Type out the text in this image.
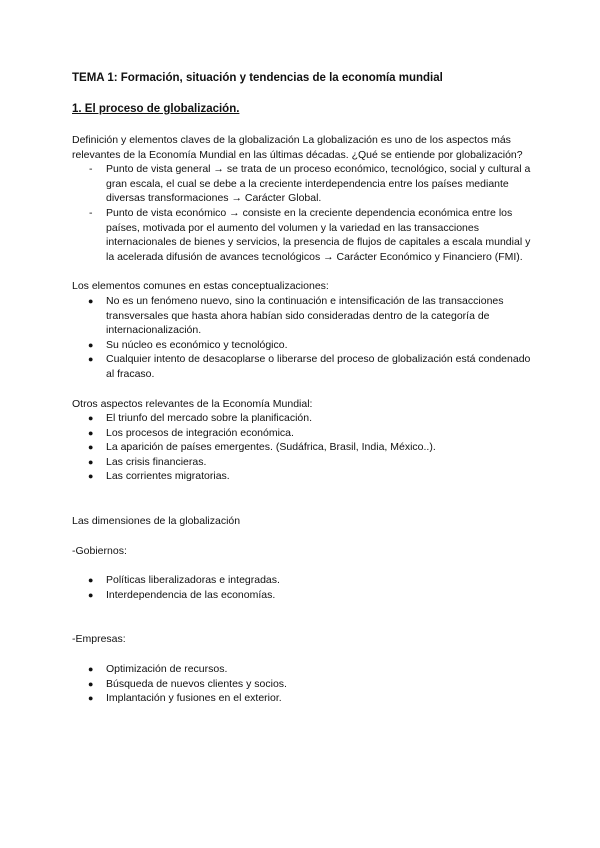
TEMA 1: Formación, situación y tendencias de la economía mundial

1. El proceso de globalización.

Definición y elementos claves de la globalización La globalización es uno de los aspectos más relevantes de la Economía Mundial en las últimas décadas. ¿Qué se entiende por globalización?

- Punto de vista general → se trata de un proceso económico, tecnológico, social y cultural a gran escala, el cual se debe a la creciente interdependencia entre los países mediante diversas transformaciones → Carácter Global.
- Punto de vista económico → consiste en la creciente dependencia económica entre los países, motivada por el aumento del volumen y la variedad en las transacciones internacionales de bienes y servicios, la presencia de flujos de capitales a escala mundial y la acelerada difusión de avances tecnológicos → Carácter Económico y Financiero (FMI).

Los elementos comunes en estas conceptualizaciones:

● No es un fenómeno nuevo, sino la continuación e intensificación de las transacciones transversales que hasta ahora habían sido consideradas dentro de la categoría de internacionalización.
● Su núcleo es económico y tecnológico.
● Cualquier intento de desacoplarse o liberarse del proceso de globalización está condenado al fracaso.

Otros aspectos relevantes de la Economía Mundial:

● El triunfo del mercado sobre la planificación.
● Los procesos de integración económica.
● La aparición de países emergentes. (Sudáfrica, Brasil, India, México..).
● Las crisis financieras.
● Las corrientes migratorias.

Las dimensiones de la globalización

-Gobiernos:

● Políticas liberalizadoras e integradas.
● Interdependencia de las economías.

-Empresas:

● Optimización de recursos.
● Búsqueda de nuevos clientes y socios.
● Implantación y fusiones en el exterior.
